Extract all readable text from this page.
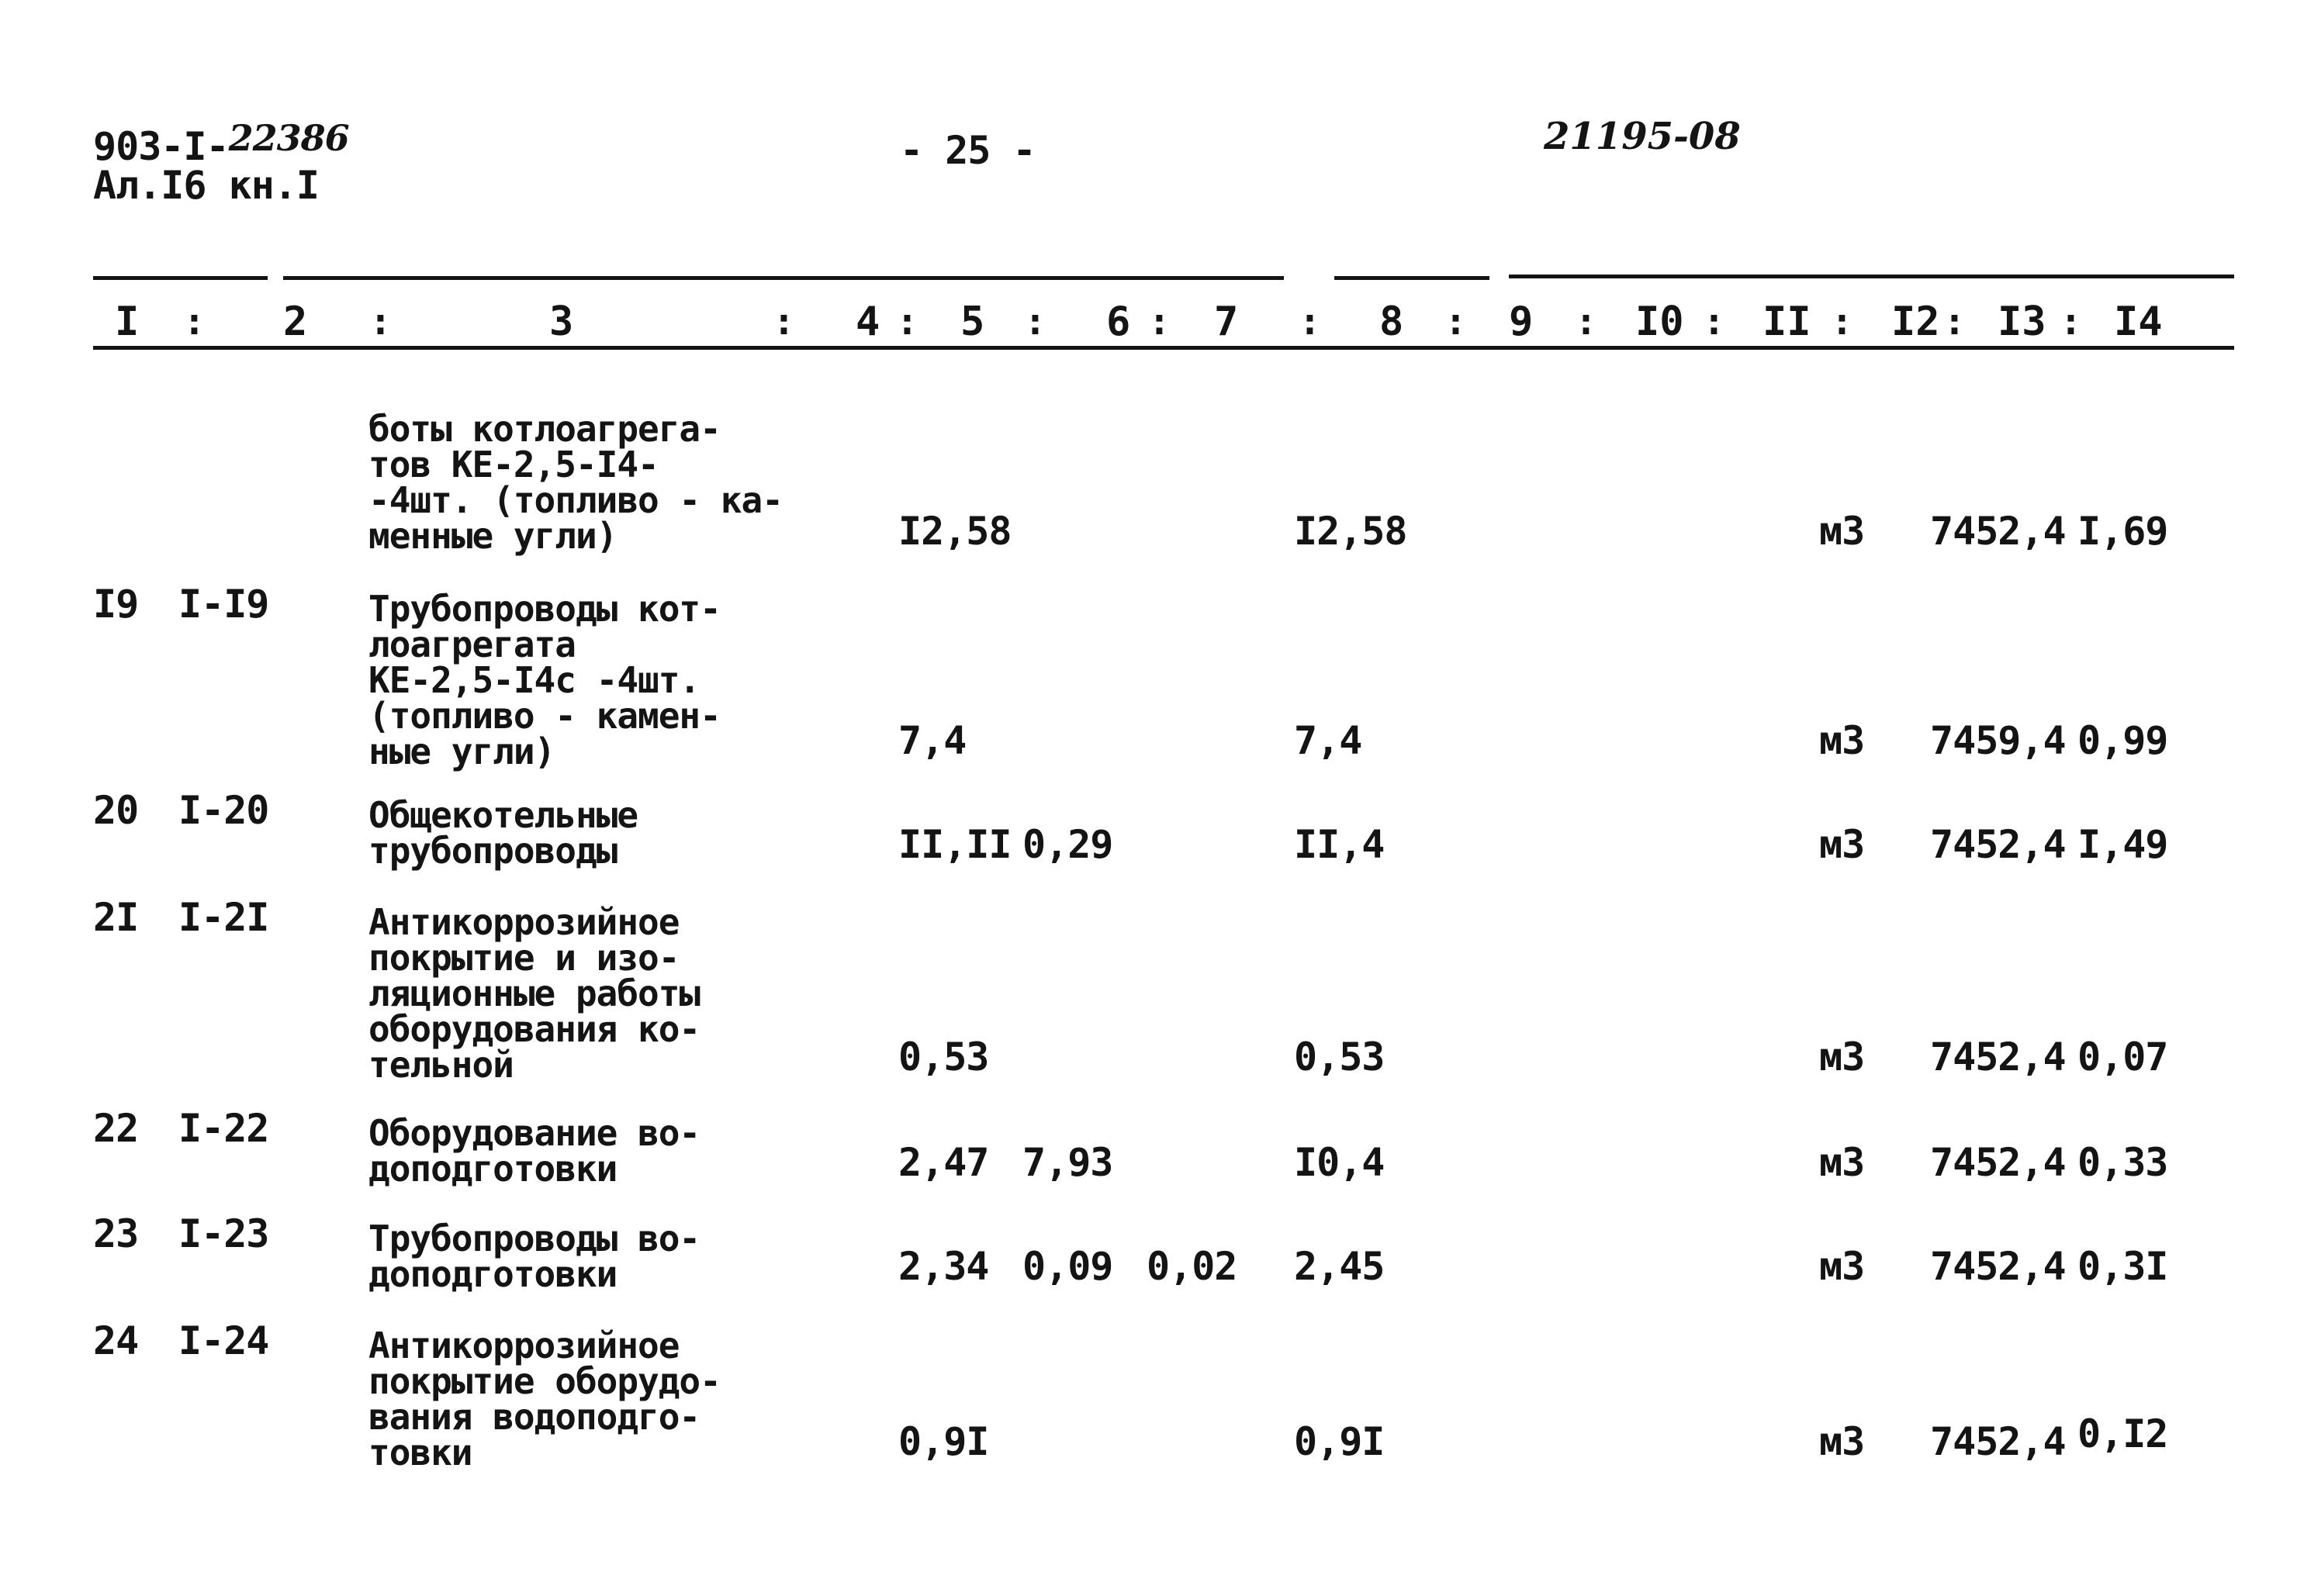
903-I-22386
Ал.I6 кн.I
- 25 -	21195-08
I : 2 :	3	: 4 : 5 : 6 : 7 : 8 : 9 : I0 : II : I2 : I3 : I4
боты котлоагрега-
тов КЕ-2,5-I4-
-4шт. (топливо - ка-
менные угли)	I2,58	I2,58	м3 7452,4 I,69
I9 I-I9	Трубопроводы кот-
лоагрегата
КЕ-2,5-I4с -4шт.
(топливо - камен-
ные угли)	7,4	7,4	м3 7459,4 0,99
20 I-20	Общекотельные
трубопроводы	II,II 0,29	II,4	м3 7452,4 I,49
2I I-2I	Антикоррозийное
покрытие и изо-
ляционные работы
оборудования ко-
тельной	0,53	0,53	м3 7452,4 0,07
22 I-22	Оборудование во-
доподготовки	2,47 7,93	I0,4	м3 7452,4 0,33
23 I-23	Трубопроводы во-
доподготовки	2,34 0,09 0,02 2,45	м3 7452,4 0,3I
24 I-24	Антикоррозийное
покрытие оборудо-
вания водоподго-
товки	0,9I	0,9I	м3 7452,4 0,I2
